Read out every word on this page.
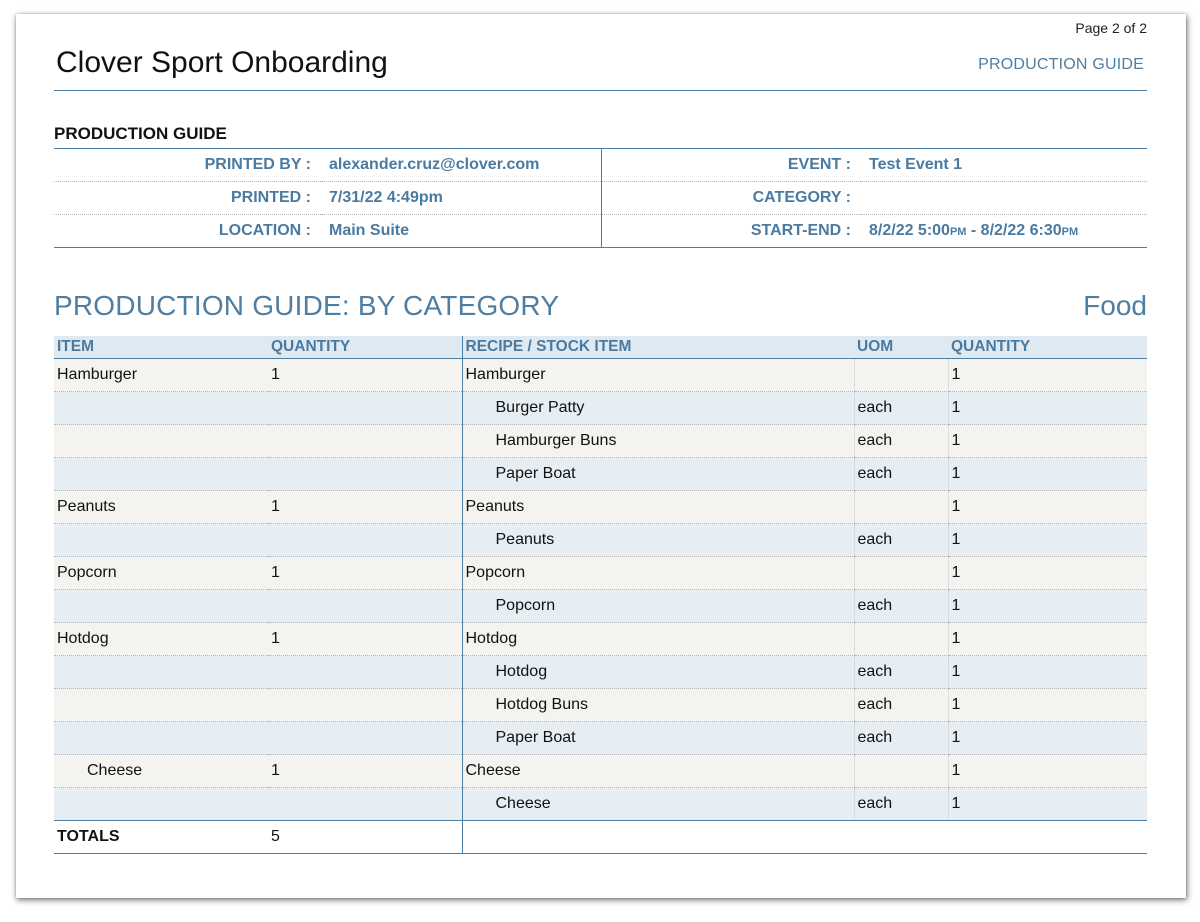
Page 2 of 2
Clover Sport Onboarding	PRODUCTION GUIDE
PRODUCTION GUIDE
PRINTED BY :	alexander.cruz@clover.com	EVENT :	Test Event 1
PRINTED :	7/31/22 4:49pm	CATEGORY :	
LOCATION :	Main Suite	START-END :	8/2/22 5:00PM - 8/2/22 6:30PM
PRODUCTION GUIDE: BY CATEGORY	Food
ITEM	QUANTITY	RECIPE / STOCK ITEM	UOM	QUANTITY
Hamburger	1	Hamburger		1
		Burger Patty	each	1
		Hamburger Buns	each	1
		Paper Boat	each	1
Peanuts	1	Peanuts		1
		Peanuts	each	1
Popcorn	1	Popcorn		1
		Popcorn	each	1
Hotdog	1	Hotdog		1
		Hotdog	each	1
		Hotdog Buns	each	1
		Paper Boat	each	1
Cheese	1	Cheese		1
		Cheese	each	1
TOTALS	5			
